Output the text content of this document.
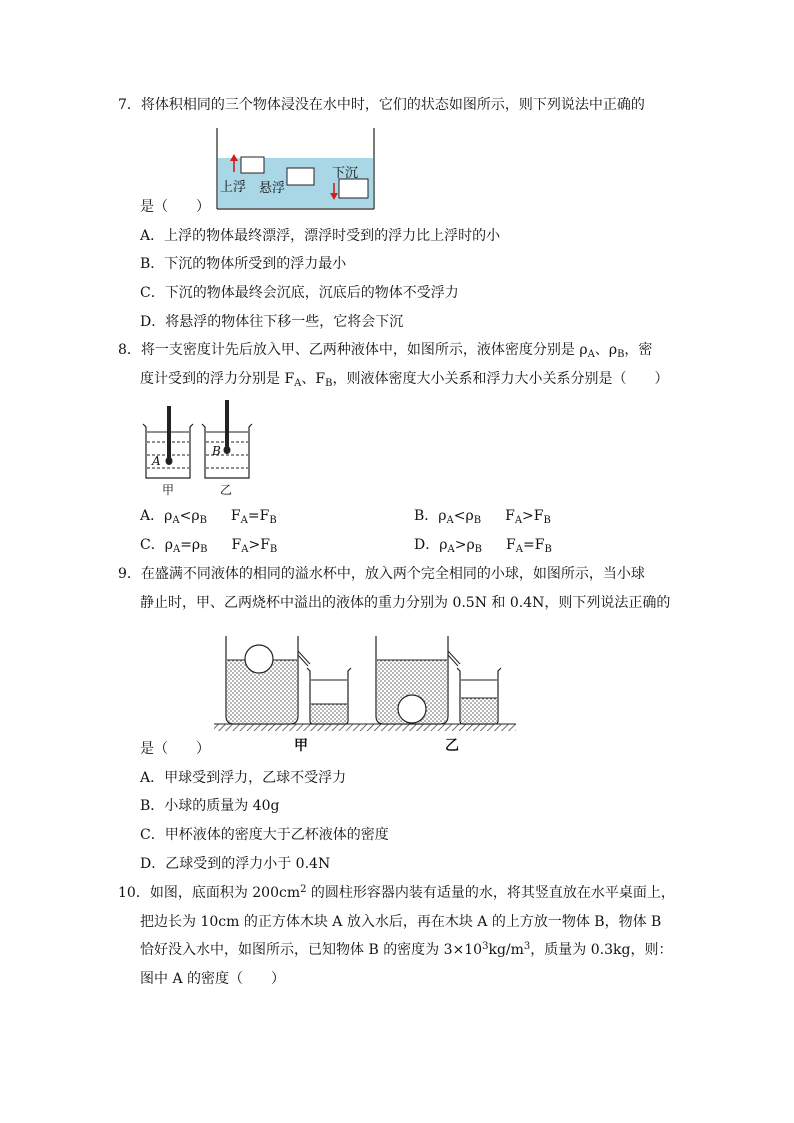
7．将体积相同的三个物体浸没在水中时，它们的状态如图所示，则下列说法中正确的
上浮 悬浮
下沉
是（　　）
A．上浮的物体最终漂浮，漂浮时受到的浮力比上浮时的小
B．下沉的物体所受到的浮力最小
C．下沉的物体最终会沉底，沉底后的物体不受浮力
D．将悬浮的物体往下移一些，它将会下沉
8．将一支密度计先后放入甲、乙两种液体中，如图所示，液体密度分别是 $\rho_A$、$\rho_B$，密
度计受到的浮力分别是 $F_A$、$F_B$，则液体密度大小关系和浮力大小关系分别是（　　）
A
甲
B
乙
A．$\rho_A<\rho_B$ $F_A=F_B$	B．$\rho_A<\rho_B$ $F_A>F_B$
C．$\rho_A=\rho_B$ $F_A>F_B$	D．$\rho_A>\rho_B$ $F_A=F_B$
9．在盛满不同液体的相同的溢水杯中，放入两个完全相同的小球，如图所示，当小球
静止时，甲、乙两烧杯中溢出的液体的重力分别为 0.5N 和 0.4N，则下列说法正确的
甲	乙
是（　　）
A．甲球受到浮力，乙球不受浮力
B．小球的质量为 40g
C．甲杯液体的密度大于乙杯液体的密度
D．乙球受到的浮力小于 0.4N
10．如图，底面积为 $200cm^2$ 的圆柱形容器内装有适量的水，将其竖直放在水平桌面上，
把边长为 10cm 的正方体木块 A 放入水后，再在木块 A 的上方放一物体 B，物体 B
恰好没入水中，如图所示，已知物体 B 的密度为 $3\times 10^3kg/m^3$，质量为 0.3kg，则：
图中 A 的密度（　　）
